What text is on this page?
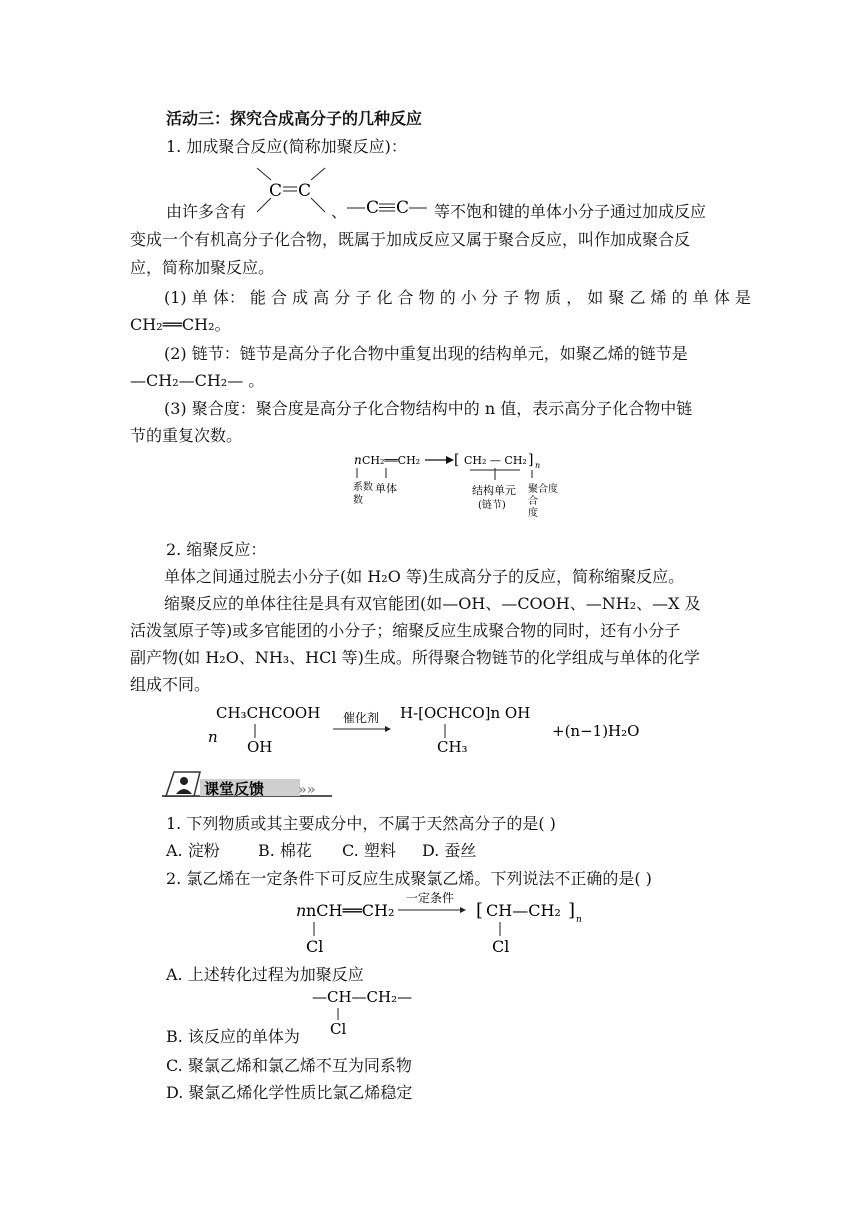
活动三：探究合成高分子的几种反应
1. 加成聚合反应(简称加聚反应)：
C C
C C
由许多含有	、	等不饱和键的单体小分子通过加成反应
变成一个有机高分子化合物，既属于加成反应又属于聚合反应，叫作加成聚合反
应，简称加聚反应。
(1) 单 体： 能 合 成 高 分 子 化 合 物 的 小 分 子 物 质 ， 如 聚 乙 烯 的 单 体 是
CH₂══CH₂。
(2) 链节：链节是高分子化合物中重复出现的结构单元，如聚乙烯的链节是
—CH₂—CH₂— 。
(3) 聚合度：聚合度是高分子化合物结构中的 n 值，表示高分子化合物中链
节的重复次数。
n CH₂══CH₂ [ CH₂ — CH₂ ] n
系数
数
单体	结构单元
(链节)
聚合度
合
度
2. 缩聚反应：
单体之间通过脱去小分子(如 H₂O 等)生成高分子的反应，简称缩聚反应。
缩聚反应的单体往往是具有双官能团(如—OH、—COOH、—NH₂、—X 及
活泼氢原子等)或多官能团的小分子；缩聚反应生成聚合物的同时，还有小分子
副产物(如 H₂O、NH₃、HCl 等)生成。所得聚合物链节的化学组成与单体的化学
组成不同。
n
CH₃CHCOOH
OH
催化剂 H-[OCHCO]n OH
CH₃
+(n−1)H₂O
课堂反馈 »»
1. 下列物质或其主要成分中，不属于天然高分子的是( )
A. 淀粉 B. 棉花 C. 塑料 D. 蚕丝
2. 氯乙烯在一定条件下可反应生成聚氯乙烯。下列说法不正确的是( )
n nCH══CH₂
Cl
一定条件
[ CH—CH₂ ] n
Cl
A. 上述转化过程为加聚反应
—CH—CH₂—
Cl
B. 该反应的单体为
C. 聚氯乙烯和氯乙烯不互为同系物
D. 聚氯乙烯化学性质比氯乙烯稳定
